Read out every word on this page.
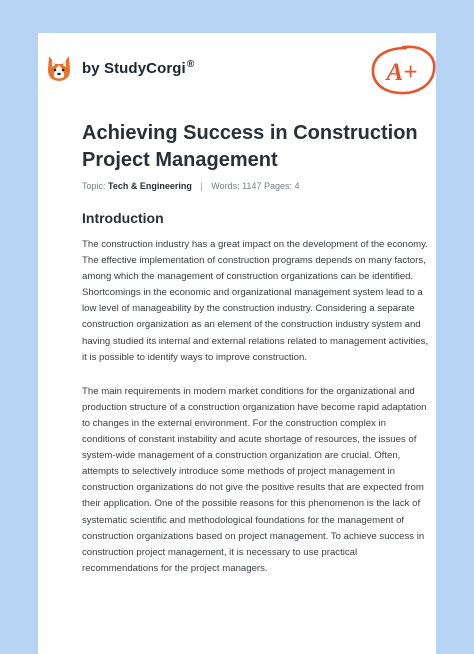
by StudyCorgi®	A+
Achieving Success in Construction Project Management
Topic: Tech & Engineering | Words: 1147 Pages: 4
Introduction

The construction industry has a great impact on the development of the economy. The effective implementation of construction programs depends on many factors, among which the management of construction organizations can be identified. Shortcomings in the economic and organizational management system lead to a low level of manageability by the construction industry. Considering a separate construction organization as an element of the construction industry system and having studied its internal and external relations related to management activities, it is possible to identify ways to improve construction.

The main requirements in modern market conditions for the organizational and production structure of a construction organization have become rapid adaptation to changes in the external environment. For the construction complex in conditions of constant instability and acute shortage of resources, the issues of system-wide management of a construction organization are crucial. Often, attempts to selectively introduce some methods of project management in construction organizations do not give the positive results that are expected from their application. One of the possible reasons for this phenomenon is the lack of systematic scientific and methodological foundations for the management of construction organizations based on project management. To achieve success in construction project management, it is necessary to use practical recommendations for the project managers.
